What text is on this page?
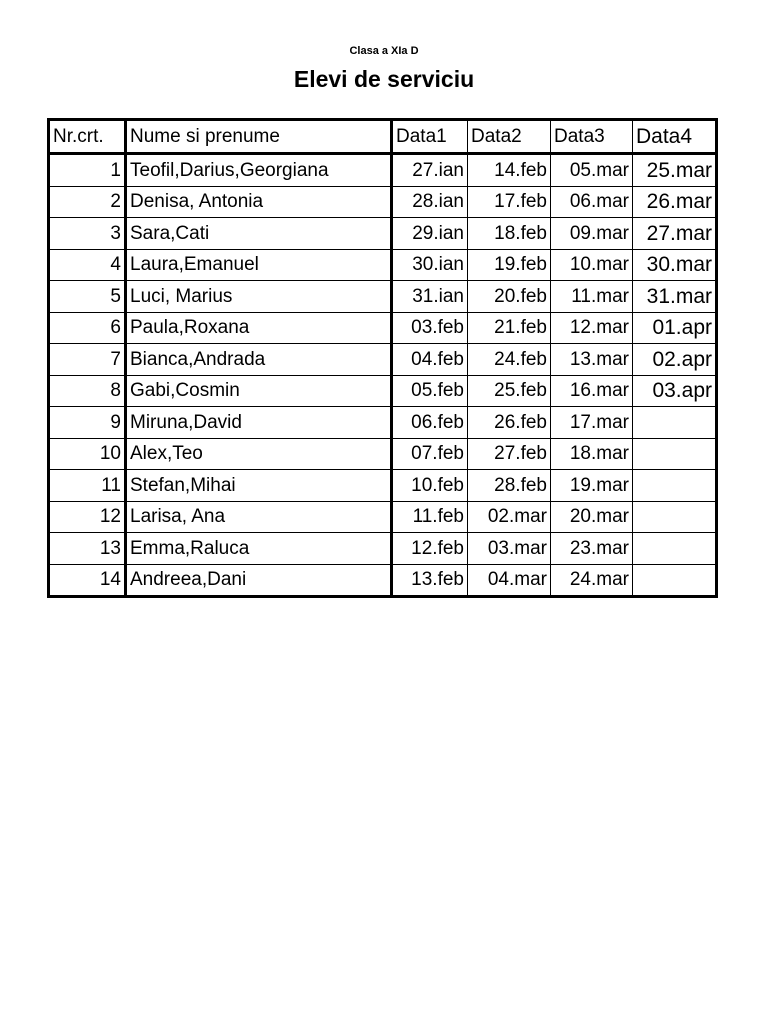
Clasa a XIa D
Elevi de serviciu
Nr.crt.	Nume si prenume	Data1	Data2	Data3	Data4
1	Teofil,Darius,Georgiana	27.ian	14.feb	05.mar	25.mar
2	Denisa, Antonia	28.ian	17.feb	06.mar	26.mar
3	Sara,Cati	29.ian	18.feb	09.mar	27.mar
4	Laura,Emanuel	30.ian	19.feb	10.mar	30.mar
5	Luci, Marius	31.ian	20.feb	11.mar	31.mar
6	Paula,Roxana	03.feb	21.feb	12.mar	01.apr
7	Bianca,Andrada	04.feb	24.feb	13.mar	02.apr
8	Gabi,Cosmin	05.feb	25.feb	16.mar	03.apr
9	Miruna,David	06.feb	26.feb	17.mar	
10	Alex,Teo	07.feb	27.feb	18.mar	
11	Stefan,Mihai	10.feb	28.feb	19.mar	
12	Larisa, Ana	11.feb	02.mar	20.mar	
13	Emma,Raluca	12.feb	03.mar	23.mar	
14	Andreea,Dani	13.feb	04.mar	24.mar	
